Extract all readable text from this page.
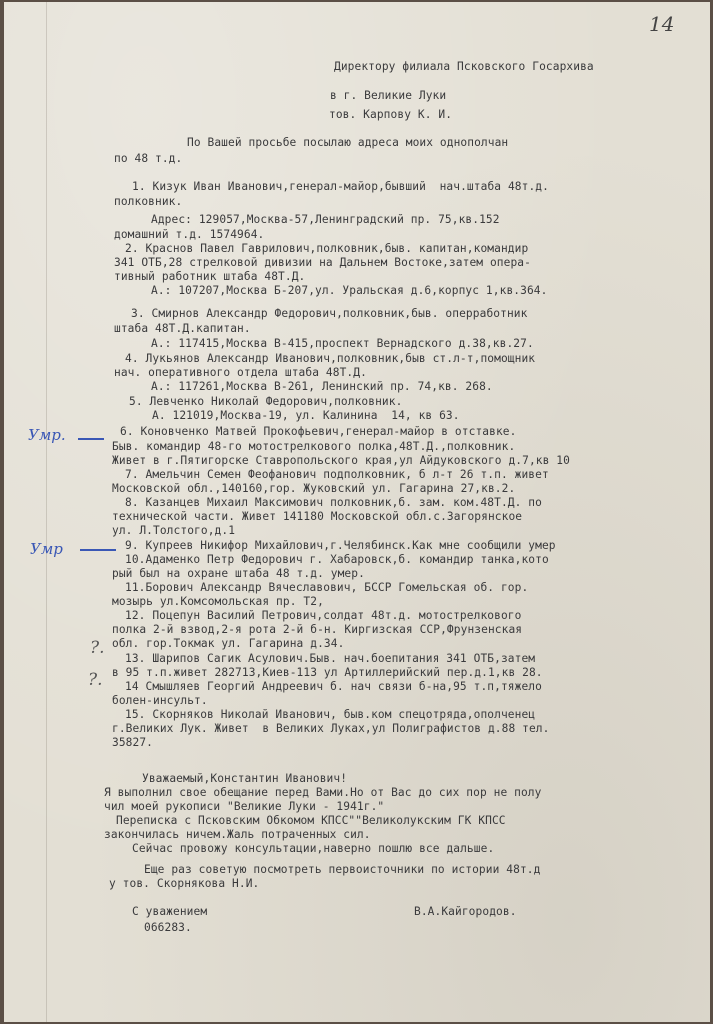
14
Директору филиала Псковского Госархива
в г. Великие Луки
тов. Карпову К. И.
По Вашей просьбе посылаю адреса моих однополчан
по 48 т.д.
1. Кизук Иван Иванович,генерал-майор,бывший  нач.штаба 48т.д.
полковник.
Адрес: 129057,Москва-57,Ленинградский пр. 75,кв.152
домашний т.д. 1574964.
2. Краснов Павел Гаврилович,полковник,быв. капитан,командир
341 ОТБ,28 стрелковой дивизии на Дальнем Востоке,затем опера-
тивный работник штаба 48Т.Д.
А.: 107207,Москва Б-207,ул. Уральская д.6,корпус 1,кв.364.
3. Смирнов Александр Федорович,полковник,быв. оперработник
штаба 48Т.Д.капитан.
А.: 117415,Москва В-415,проспект Вернадского д.38,кв.27.
4. Лукьянов Александр Иванович,полковник,быв ст.л-т,помощник
нач. оперативного отдела штаба 48Т.Д.
А.: 117261,Москва В-261, Ленинский пр. 74,кв. 268.
5. Левченко Николай Федорович,полковник.
А. 121019,Москва-19, ул. Калинина  14, кв 63.
6. Коновченко Матвей Прокофьевич,генерал-майор в отставке.
Быв. командир 48-го мотострелкового полка,48Т.Д.,полковник.
Живет в г.Пятигорске Ставропольского края,ул Айдуковского д.7,кв 10
7. Амельчин Семен Феофанович подполковник, б л-т 26 т.п. живет
Московской обл.,140160,гор. Жуковский ул. Гагарина 27,кв.2.
8. Казанцев Михаил Максимович полковник,б. зам. ком.48Т.Д. по
технической части. Живет 141180 Московской обл.с.Загорянское
ул. Л.Толстого,д.1
9. Купреев Никифор Михайлович,г.Челябинск.Как мне сообщили умер
10.Адаменко Петр Федорович г. Хабаровск,б. командир танка,кото
рый был на охране штаба 48 т.д. умер.
11.Борович Александр Вячеславович, БССР Гомельская об. гор.
мозырь ул.Комсомольская пр. Т2,
12. Поцепун Василий Петрович,солдат 48т.д. мотострелкового
полка 2-й взвод,2-я рота 2-й б-н. Киргизская ССР,Фрунзенская
обл. гор.Токмак ул. Гагарина д.34.
13. Шарипов Сагик Асулович.Быв. нач.боепитания 341 ОТБ,затем
в 95 т.п.живет 282713,Киев-113 ул Артиллерийский пер.д.1,кв 28.
14 Смышляев Георгий Андреевич б. нач связи б-на,95 т.п,тяжело
болен-инсульт.
15. Скорняков Николай Иванович, быв.ком спецотряда,ополченец
г.Великих Лук. Живет  в Великих Луках,ул Полиграфистов д.88 тел.
35827.
Уважаемый,Константин Иванович!
Я выполнил свое обещание перед Вами.Но от Вас до сих пор не полу
чил моей рукописи "Великие Луки - 1941г."
Переписка с Псковским Обкомом КПСС""Великолукским ГК КПСС
закончилась ничем.Жаль потраченных сил.
Сейчас провожу консультации,наверно пошлю все дальше.
Еще раз советую посмотреть первоисточники по истории 48т.д
у тов. Скорнякова Н.И.
С уважением	В.А.Кайгородов.
066283.
Умр.
Умр
?.
?.
